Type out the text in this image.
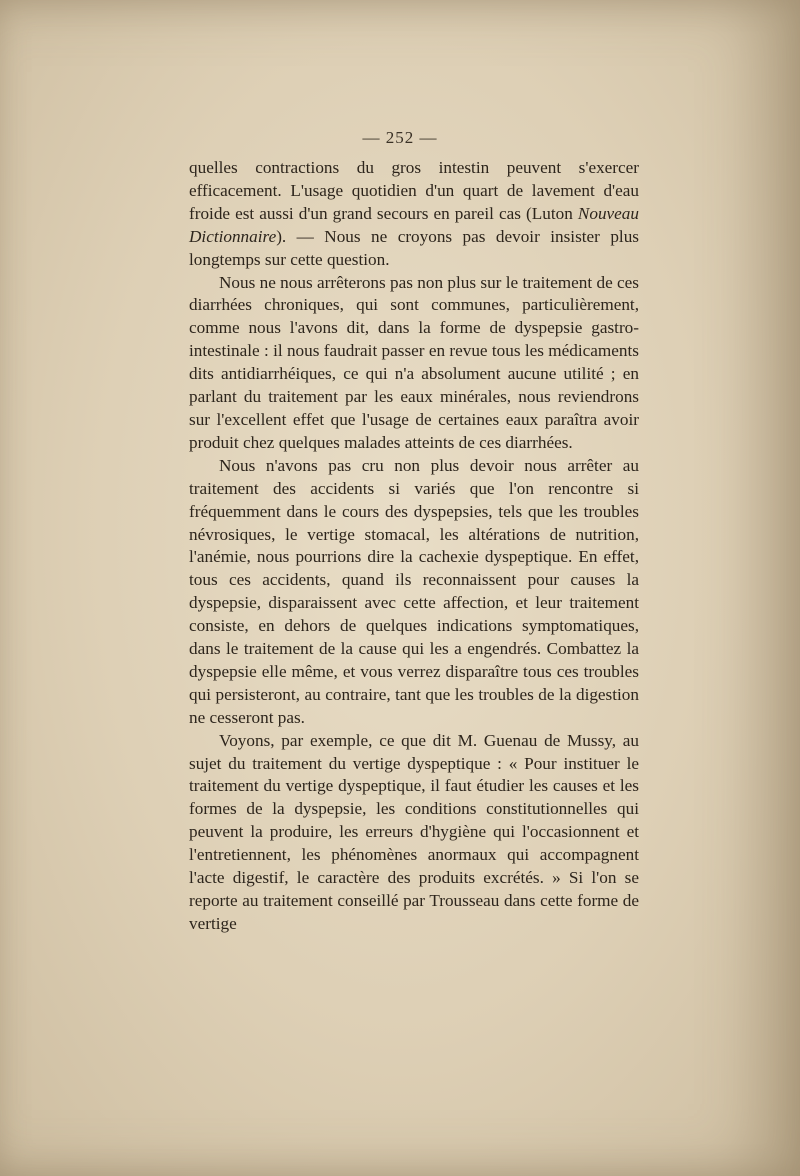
— 252 —

quelles contractions du gros intestin peuvent s'exercer efficacement. L'usage quotidien d'un quart de lavement d'eau froide est aussi d'un grand secours en pareil cas (Luton Nouveau Dictionnaire). — Nous ne croyons pas devoir insister plus longtemps sur cette question.

Nous ne nous arrêterons pas non plus sur le traitement de ces diarrhées chroniques, qui sont communes, particulièrement, comme nous l'avons dit, dans la forme de dyspepsie gastro-intestinale : il nous faudrait passer en revue tous les médicaments dits antidiarrhéiques, ce qui n'a absolument aucune utilité ; en parlant du traitement par les eaux minérales, nous reviendrons sur l'excellent effet que l'usage de certaines eaux paraîtra avoir produit chez quelques malades atteints de ces diarrhées.

Nous n'avons pas cru non plus devoir nous arrêter au traitement des accidents si variés que l'on rencontre si fréquemment dans le cours des dyspepsies, tels que les troubles névrosiques, le vertige stomacal, les altérations de nutrition, l'anémie, nous pourrions dire la cachexie dyspeptique. En effet, tous ces accidents, quand ils reconnaissent pour causes la dyspepsie, disparaissent avec cette affection, et leur traitement consiste, en dehors de quelques indications symptomatiques, dans le traitement de la cause qui les a engendrés. Combattez la dyspepsie elle même, et vous verrez disparaître tous ces troubles qui persisteront, au contraire, tant que les troubles de la digestion ne cesseront pas.

Voyons, par exemple, ce que dit M. Guenau de Mussy, au sujet du traitement du vertige dyspeptique : « Pour instituer le traitement du vertige dyspeptique, il faut étudier les causes et les formes de la dyspepsie, les conditions constitutionnelles qui peuvent la produire, les erreurs d'hygiène qui l'occasionnent et l'entretiennent, les phénomènes anormaux qui accompagnent l'acte digestif, le caractère des produits excrétés. » Si l'on se reporte au traitement conseillé par Trousseau dans cette forme de vertige
